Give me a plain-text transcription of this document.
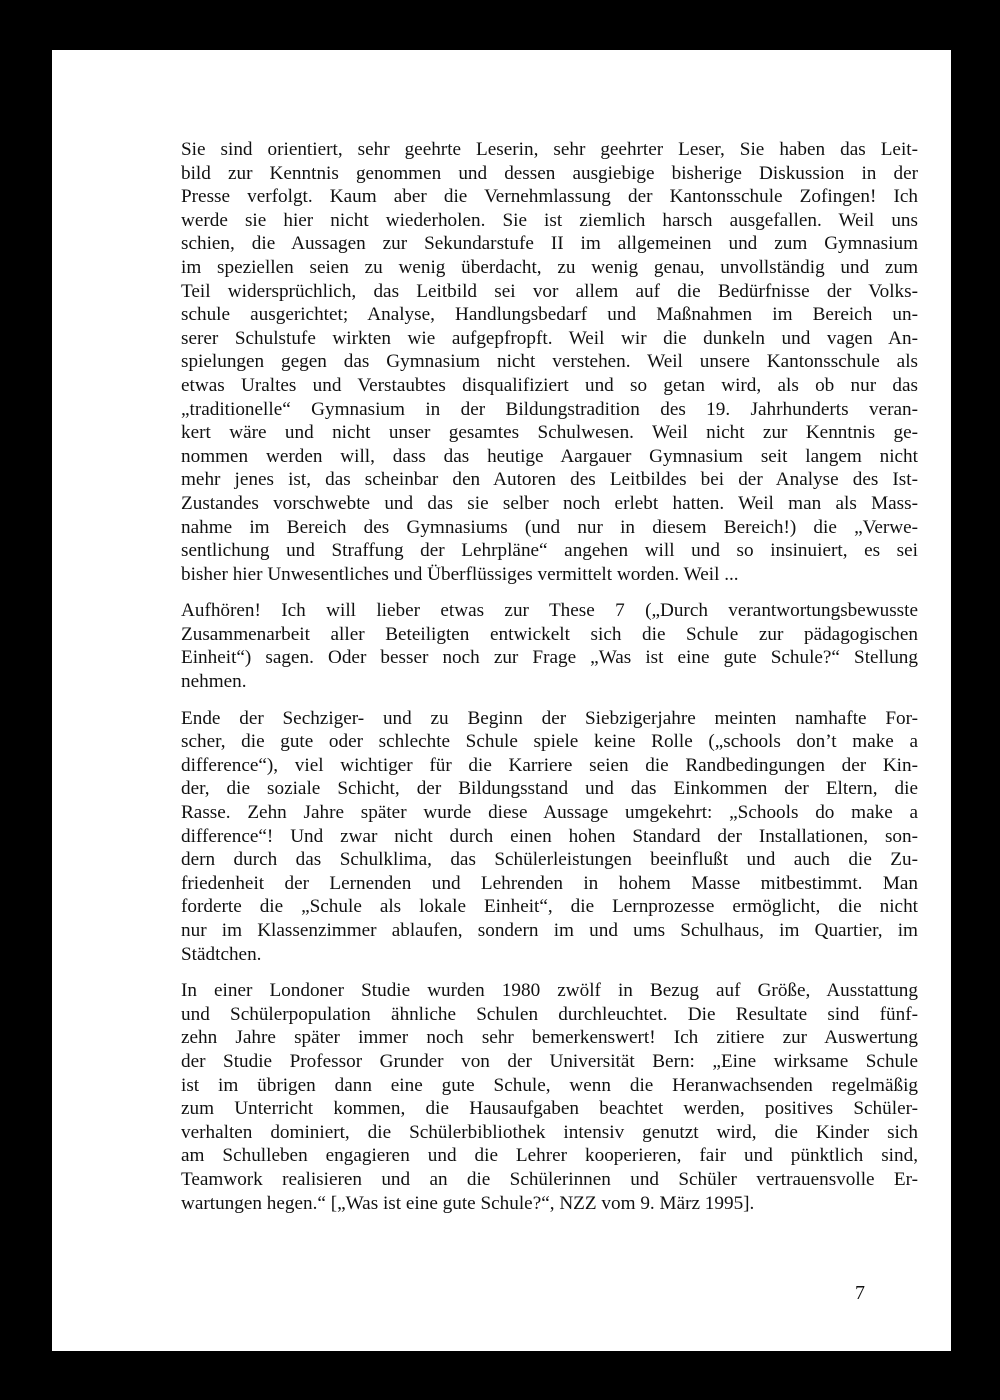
Sie sind orientiert, sehr geehrte Leserin, sehr geehrter Leser, Sie haben das Leit-
bild zur Kenntnis genommen und dessen ausgiebige bisherige Diskussion in der
Presse verfolgt. Kaum aber die Vernehmlassung der Kantonsschule Zofingen! Ich
werde sie hier nicht wiederholen. Sie ist ziemlich harsch ausgefallen. Weil uns
schien, die Aussagen zur Sekundarstufe II im allgemeinen und zum Gymnasium
im speziellen seien zu wenig überdacht, zu wenig genau, unvollständig und zum
Teil widersprüchlich, das Leitbild sei vor allem auf die Bedürfnisse der Volks-
schule ausgerichtet; Analyse, Handlungsbedarf und Maßnahmen im Bereich un-
serer Schulstufe wirkten wie aufgepfropft. Weil wir die dunkeln und vagen An-
spielungen gegen das Gymnasium nicht verstehen. Weil unsere Kantonsschule als
etwas Uraltes und Verstaubtes disqualifiziert und so getan wird, als ob nur das
„traditionelle“ Gymnasium in der Bildungstradition des 19. Jahrhunderts veran-
kert wäre und nicht unser gesamtes Schulwesen. Weil nicht zur Kenntnis ge-
nommen werden will, dass das heutige Aargauer Gymnasium seit langem nicht
mehr jenes ist, das scheinbar den Autoren des Leitbildes bei der Analyse des Ist-
Zustandes vorschwebte und das sie selber noch erlebt hatten. Weil man als Mass-
nahme im Bereich des Gymnasiums (und nur in diesem Bereich!) die „Verwe-
sentlichung und Straffung der Lehrpläne“ angehen will und so insinuiert, es sei
bisher hier Unwesentliches und Überflüssiges vermittelt worden. Weil ...

Aufhören! Ich will lieber etwas zur These 7 („Durch verantwortungsbewusste
Zusammenarbeit aller Beteiligten entwickelt sich die Schule zur pädagogischen
Einheit“) sagen. Oder besser noch zur Frage „Was ist eine gute Schule?“ Stellung
nehmen.

Ende der Sechziger- und zu Beginn der Siebzigerjahre meinten namhafte For-
scher, die gute oder schlechte Schule spiele keine Rolle („schools don’t make a
difference“), viel wichtiger für die Karriere seien die Randbedingungen der Kin-
der, die soziale Schicht, der Bildungsstand und das Einkommen der Eltern, die
Rasse. Zehn Jahre später wurde diese Aussage umgekehrt: „Schools do make a
difference“! Und zwar nicht durch einen hohen Standard der Installationen, son-
dern durch das Schulklima, das Schülerleistungen beeinflußt und auch die Zu-
friedenheit der Lernenden und Lehrenden in hohem Masse mitbestimmt. Man
forderte die „Schule als lokale Einheit“, die Lernprozesse ermöglicht, die nicht
nur im Klassenzimmer ablaufen, sondern im und ums Schulhaus, im Quartier, im
Städtchen.

In einer Londoner Studie wurden 1980 zwölf in Bezug auf Größe, Ausstattung
und Schülerpopulation ähnliche Schulen durchleuchtet. Die Resultate sind fünf-
zehn Jahre später immer noch sehr bemerkenswert! Ich zitiere zur Auswertung
der Studie Professor Grunder von der Universität Bern: „Eine wirksame Schule
ist im übrigen dann eine gute Schule, wenn die Heranwachsenden regelmäßig
zum Unterricht kommen, die Hausaufgaben beachtet werden, positives Schüler-
verhalten dominiert, die Schülerbibliothek intensiv genutzt wird, die Kinder sich
am Schulleben engagieren und die Lehrer kooperieren, fair und pünktlich sind,
Teamwork realisieren und an die Schülerinnen und Schüler vertrauensvolle Er-
wartungen hegen.“ [„Was ist eine gute Schule?“, NZZ vom 9. März 1995].

7
